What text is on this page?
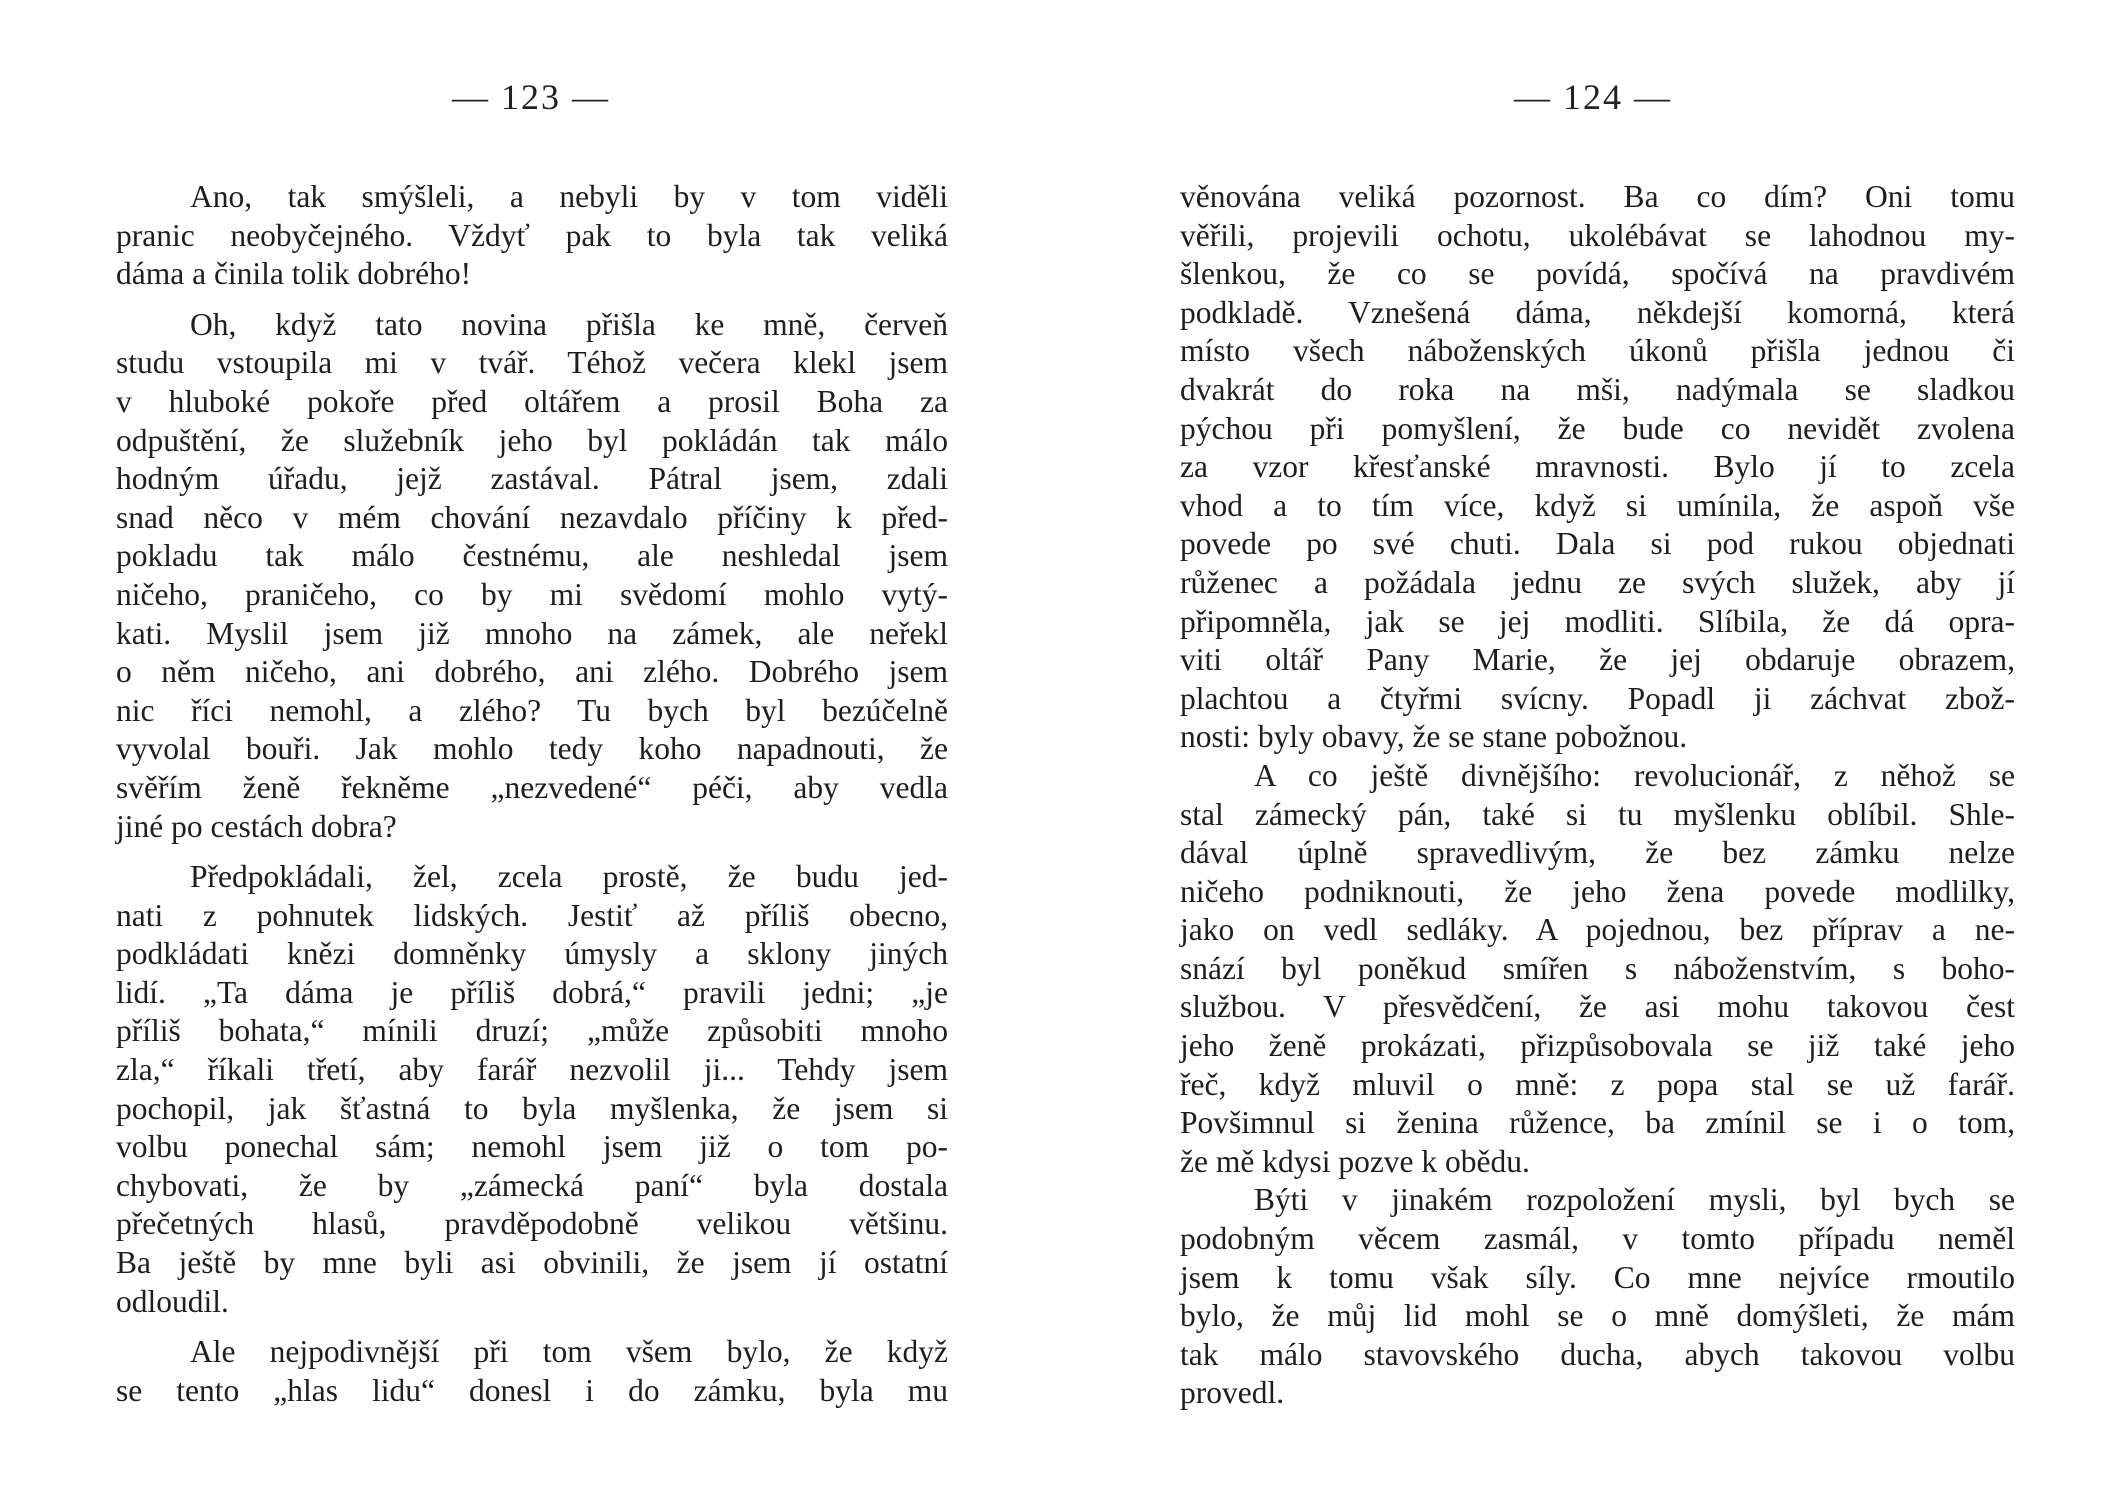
— 123 —
Ano, tak smýšleli, a nebyli by v tom viděli
pranic neobyčejného. Vždyť pak to byla tak veliká
dáma a činila tolik dobrého!
Oh, když tato novina přišla ke mně, červeň
studu vstoupila mi v tvář. Téhož večera klekl jsem
v hluboké pokoře před oltářem a prosil Boha za
odpuštění, že služebník jeho byl pokládán tak málo
hodným úřadu, jejž zastával. Pátral jsem, zdali
snad něco v mém chování nezavdalo příčiny k před-
pokladu tak málo čestnému, ale neshledal jsem
ničeho, praničeho, co by mi svědomí mohlo vytý-
kati. Myslil jsem již mnoho na zámek, ale neřekl
o něm ničeho, ani dobrého, ani zlého. Dobrého jsem
nic říci nemohl, a zlého? Tu bych byl bezúčelně
vyvolal bouři. Jak mohlo tedy koho napadnouti, že
svěřím ženě řekněme „nezvedené“ péči, aby vedla
jiné po cestách dobra?
Předpokládali, žel, zcela prostě, že budu jed-
nati z pohnutek lidských. Jestiť až příliš obecno,
podkládati knězi domněnky úmysly a sklony jiných
lidí. „Ta dáma je příliš dobrá,“ pravili jedni; „je
příliš bohata,“ mínili druzí; „může způsobiti mnoho
zla,“ říkali třetí, aby farář nezvolil ji... Tehdy jsem
pochopil, jak šťastná to byla myšlenka, že jsem si
volbu ponechal sám; nemohl jsem již o tom po-
chybovati, že by „zámecká paní“ byla dostala
přečetných hlasů, pravděpodobně velikou většinu.
Ba ještě by mne byli asi obvinili, že jsem jí ostatní
odloudil.
Ale nejpodivnější při tom všem bylo, že když
se tento „hlas lidu“ donesl i do zámku, byla mu
— 124 —
věnována veliká pozornost. Ba co dím? Oni tomu
věřili, projevili ochotu, ukolébávat se lahodnou my-
šlenkou, že co se povídá, spočívá na pravdivém
podkladě. Vznešená dáma, někdejší komorná, která
místo všech náboženských úkonů přišla jednou či
dvakrát do roka na mši, nadýmala se sladkou
pýchou při pomyšlení, že bude co nevidět zvolena
za vzor křesťanské mravnosti. Bylo jí to zcela
vhod a to tím více, když si umínila, že aspoň vše
povede po své chuti. Dala si pod rukou objednati
růženec a požádala jednu ze svých služek, aby jí
připomněla, jak se jej modliti. Slíbila, že dá opra-
viti oltář Pany Marie, že jej obdaruje obrazem,
plachtou a čtyřmi svícny. Popadl ji záchvat zbož-
nosti: byly obavy, že se stane pobožnou.
A co ještě divnějšího: revolucionář, z něhož se
stal zámecký pán, také si tu myšlenku oblíbil. Shle-
dával úplně spravedlivým, že bez zámku nelze
ničeho podniknouti, že jeho žena povede modlilky,
jako on vedl sedláky. A pojednou, bez příprav a ne-
snází byl poněkud smířen s náboženstvím, s boho-
službou. V přesvědčení, že asi mohu takovou čest
jeho ženě prokázati, přizpůsobovala se již také jeho
řeč, když mluvil o mně: z popa stal se už farář.
Povšimnul si ženina růžence, ba zmínil se i o tom,
že mě kdysi pozve k obědu.
Býti v jinakém rozpoložení mysli, byl bych se
podobným věcem zasmál, v tomto případu neměl
jsem k tomu však síly. Co mne nejvíce rmoutilo
bylo, že můj lid mohl se o mně domýšleti, že mám
tak málo stavovského ducha, abych takovou volbu
provedl.
